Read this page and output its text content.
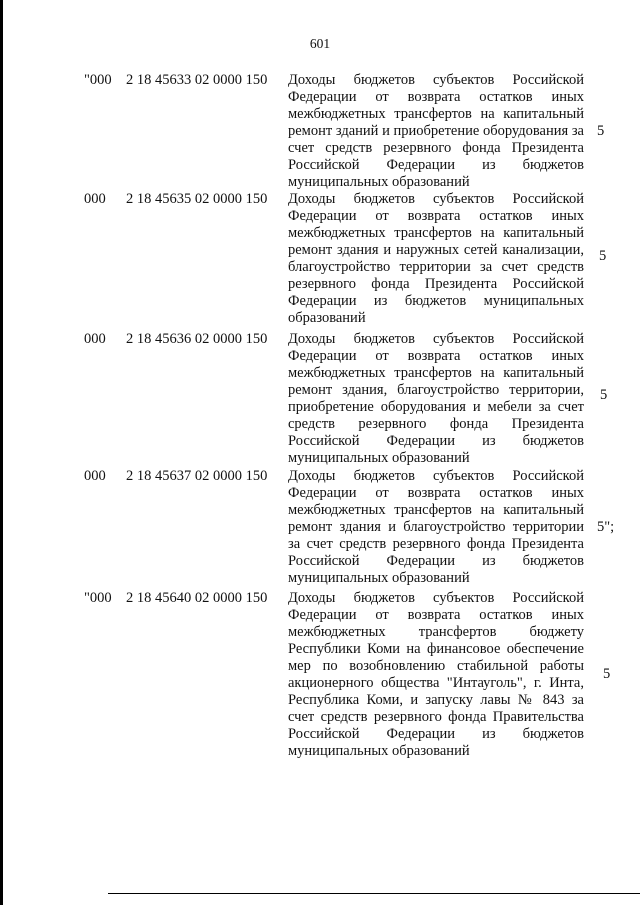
601
"000 2 18 45633 02 0000 150 Доходы бюджетов субъектов Российской Федерации от возврата остатков иных межбюджетных трансфертов на капитальный ремонт зданий и приобретение оборудования за счет средств резервного фонда Президента Российской Федерации из бюджетов муниципальных образований
5
000 2 18 45635 02 0000 150 Доходы бюджетов субъектов Российской Федерации от возврата остатков иных межбюджетных трансфертов на капитальный ремонт здания и наружных сетей канализации, благоустройство территории за счет средств резервного фонда Президента Российской Федерации из бюджетов муниципальных образований
5
000 2 18 45636 02 0000 150 Доходы бюджетов субъектов Российской Федерации от возврата остатков иных межбюджетных трансфертов на капитальный ремонт здания, благоустройство территории, приобретение оборудования и мебели за счет средств резервного фонда Президента Российской Федерации из бюджетов муниципальных образований
5
000 2 18 45637 02 0000 150 Доходы бюджетов субъектов Российской Федерации от возврата остатков иных межбюджетных трансфертов на капитальный ремонт здания и благоустройство территории за счет средств резервного фонда Президента Российской Федерации из бюджетов муниципальных образований
5";
"000 2 18 45640 02 0000 150 Доходы бюджетов субъектов Российской Федерации от возврата остатков иных межбюджетных трансфертов бюджету Республики Коми на финансовое обеспечение мер по возобновлению стабильной работы акционерного общества "Интауголь", г. Инта, Республика Коми, и запуску лавы № 843 за счет средств резервного фонда Правительства Российской Федерации из бюджетов муниципальных образований
5
